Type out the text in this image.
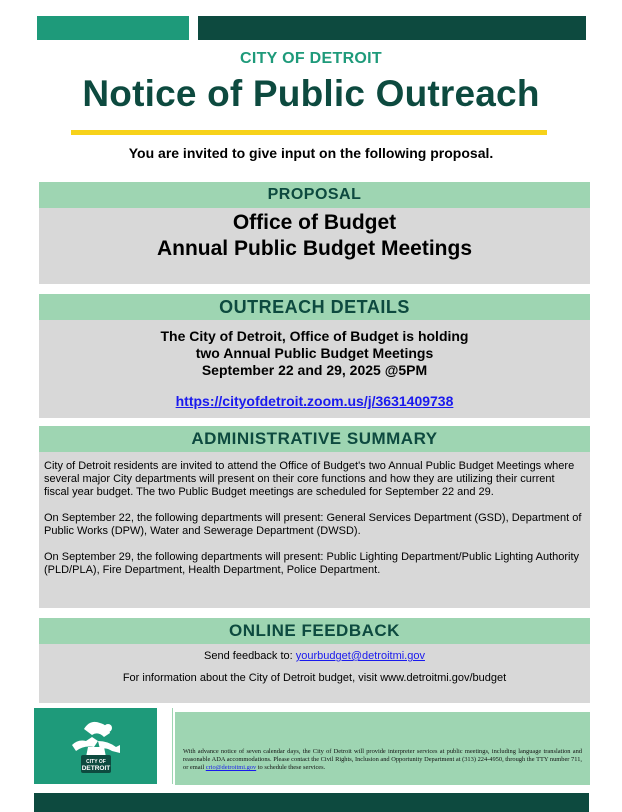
CITY OF DETROIT
Notice of Public Outreach
You are invited to give input on the following proposal.
PROPOSAL
Office of Budget
Annual Public Budget Meetings
OUTREACH DETAILS
The City of Detroit, Office of Budget is holding
two Annual Public Budget Meetings
September 22 and 29, 2025 @5PM
https://cityofdetroit.zoom.us/j/3631409738
ADMINISTRATIVE SUMMARY

City of Detroit residents are invited to attend the Office of Budget's two Annual Public Budget Meetings where several major City departments will present on their core functions and how they are utilizing their current fiscal year budget. The two Public Budget meetings are scheduled for September 22 and 29.

On September 22, the following departments will present: General Services Department (GSD), Department of Public Works (DPW), Water and Sewerage Department (DWSD).

On September 29, the following departments will present: Public Lighting Department/Public Lighting Authority (PLD/PLA), Fire Department, Health Department, Police Department.

ONLINE FEEDBACK
Send feedback to: yourbudget@detroitmi.gov
For information about the City of Detroit budget, visit www.detroitmi.gov/budget
CITY OF
DETROIT
With advance notice of seven calendar days, the City of Detroit will provide interpreter services at public meetings, including language translation and reasonable ADA accommodations. Please contact the Civil Rights, Inclusion and Opportunity Department at (313) 224-4950, through the TTY number 711, or email crio@detroitmi.gov to schedule these services.
